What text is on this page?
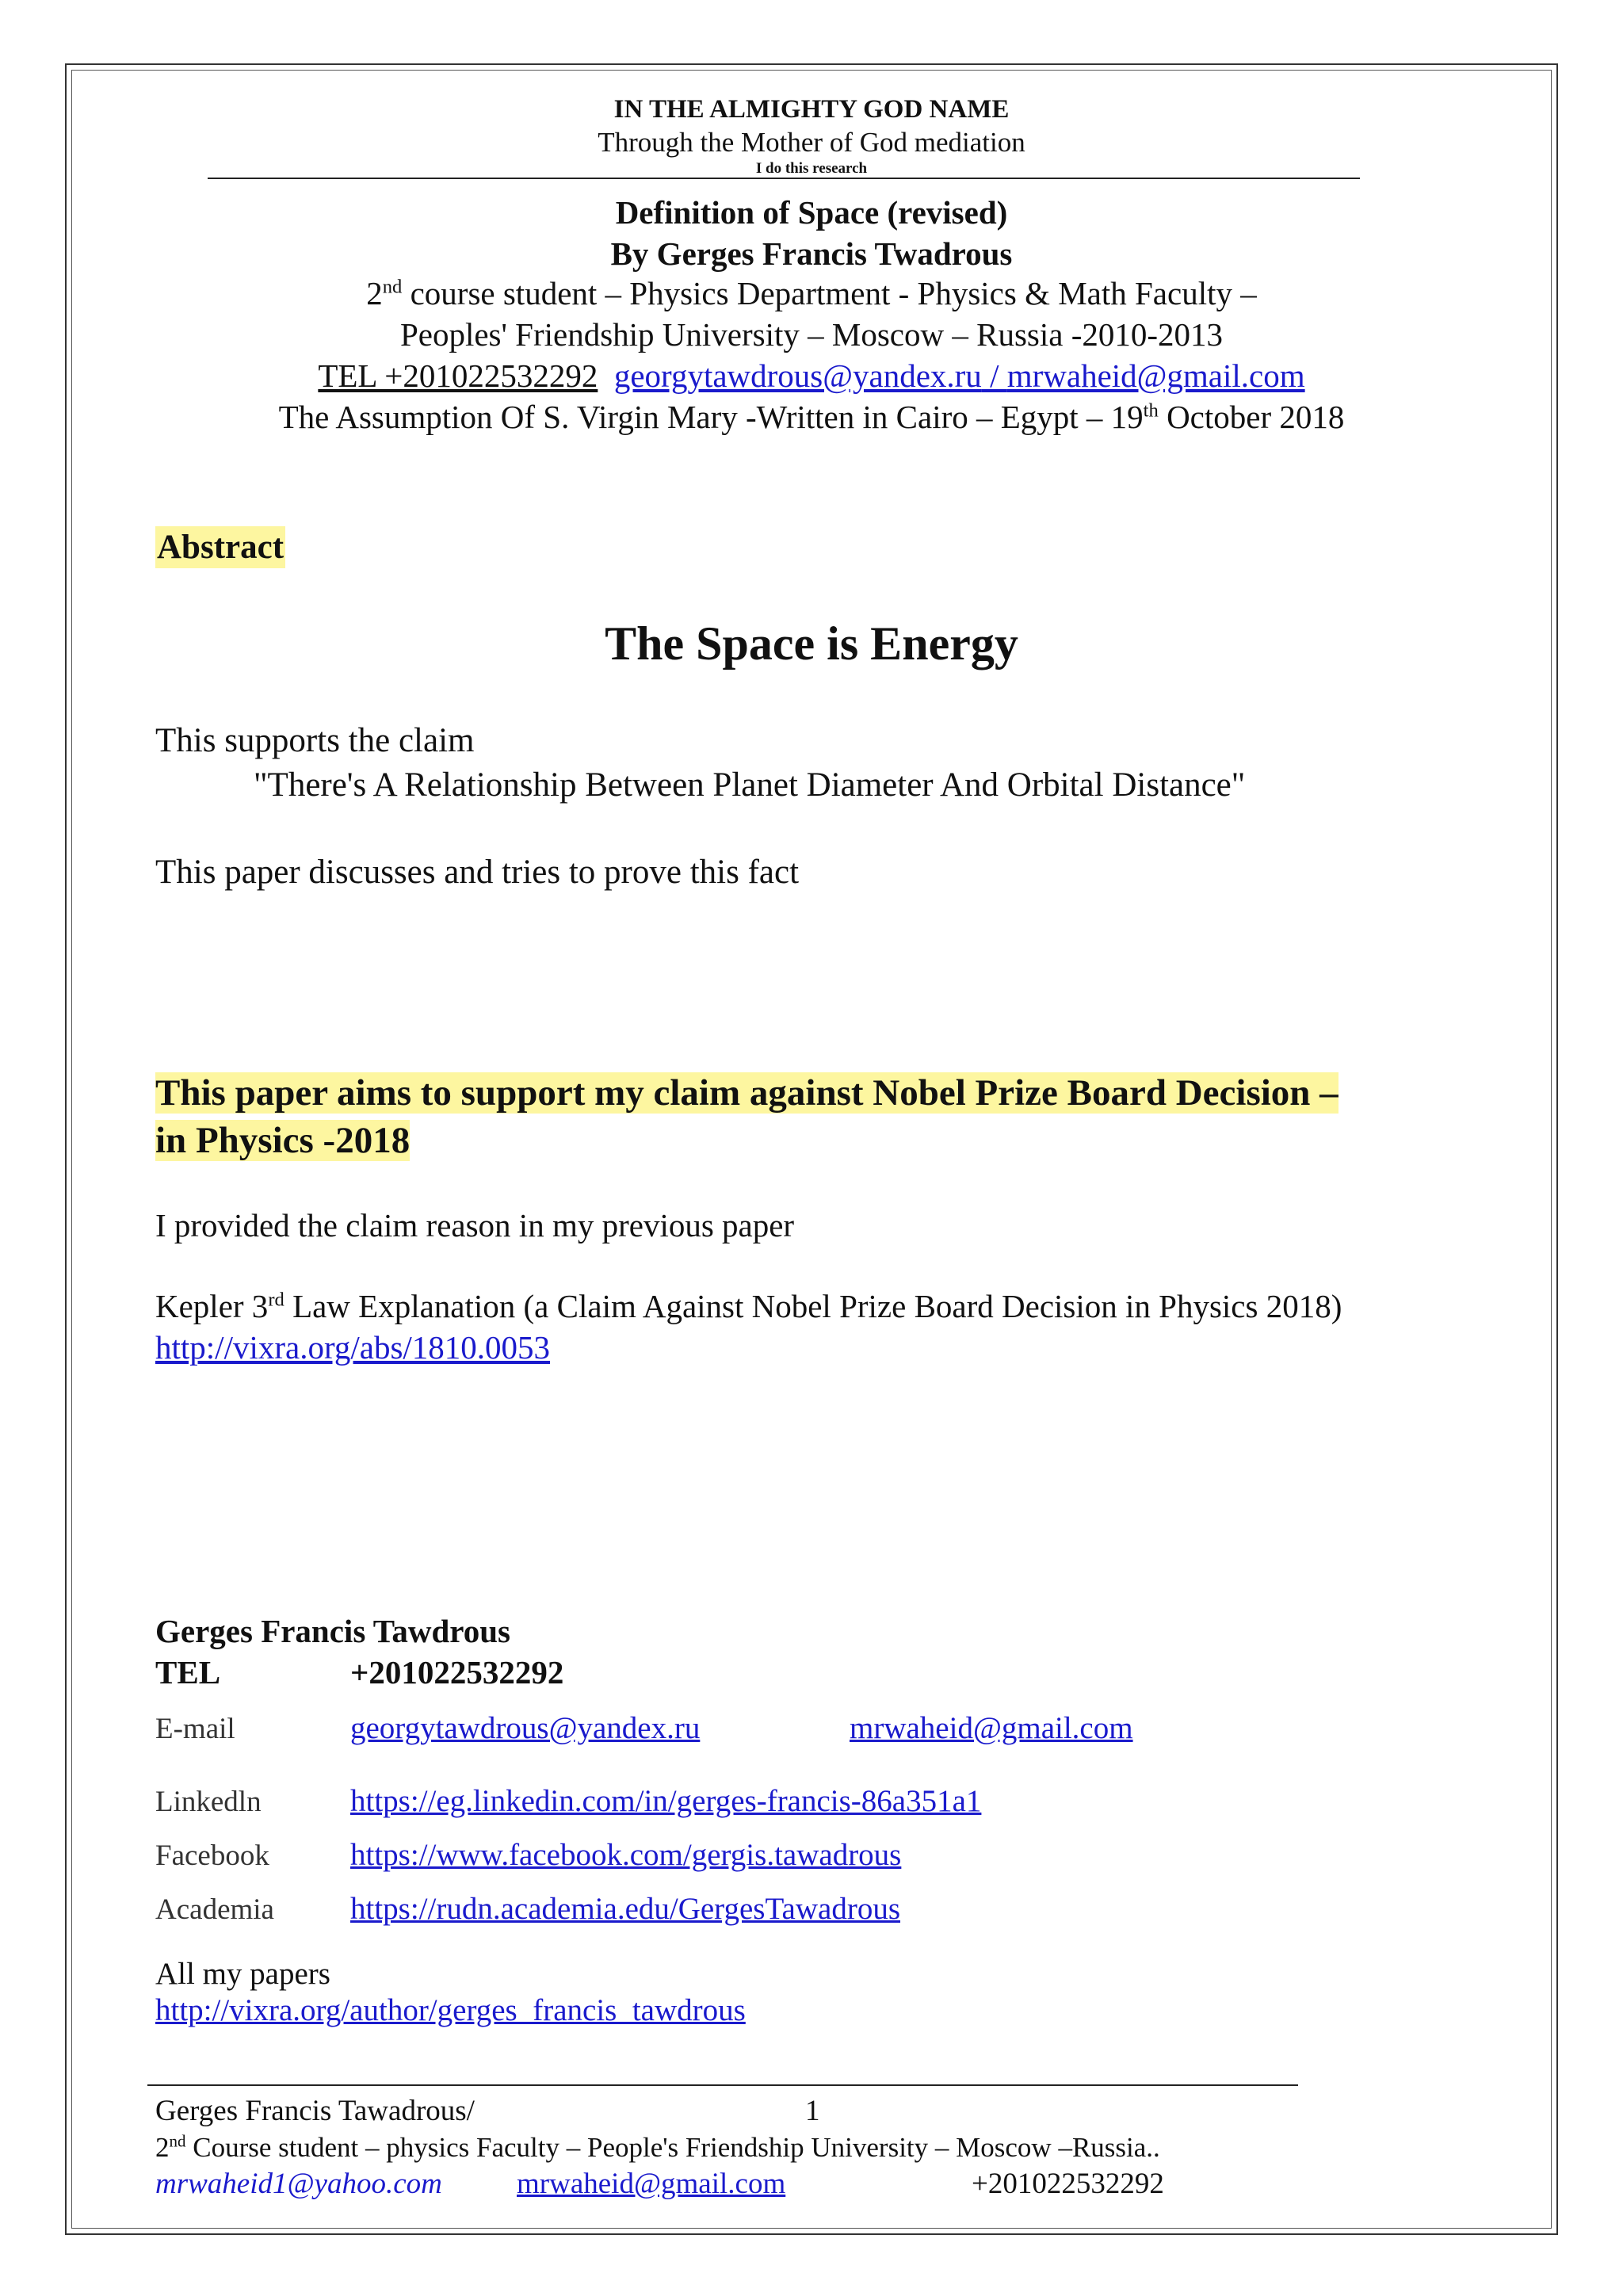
IN THE ALMIGHTY GOD NAME
Through the Mother of God mediation
I do this research
Definition of Space (revised)
By Gerges Francis Twadrous
2nd course student – Physics Department - Physics & Math Faculty –
Peoples' Friendship University – Moscow – Russia -2010-2013
TEL +201022532292 georgytawdrous@yandex.ru / mrwaheid@gmail.com
The Assumption Of S. Virgin Mary -Written in Cairo – Egypt – 19th October 2018
Abstract
The Space is Energy
This supports the claim
"There's A Relationship Between Planet Diameter And Orbital Distance"
This paper discusses and tries to prove this fact
This paper aims to support my claim against Nobel Prize Board Decision –
in Physics -2018
I provided the claim reason in my previous paper
Kepler 3rd Law Explanation (a Claim Against Nobel Prize Board Decision in Physics 2018)
http://vixra.org/abs/1810.0053
Gerges Francis Tawdrous
TEL	+201022532292
E-mail	georgytawdrous@yandex.ru	mrwaheid@gmail.com
Linkedln	https://eg.linkedin.com/in/gerges-francis-86a351a1
Facebook	https://www.facebook.com/gergis.tawadrous
Academia https://rudn.academia.edu/GergesTawadrous
All my papers
http://vixra.org/author/gerges_francis_tawdrous
Gerges Francis Tawadrous/	1
2nd Course student – physics Faculty – People's Friendship University – Moscow –Russia..
mrwaheid1@yahoo.com	mrwaheid@gmail.com	+201022532292
